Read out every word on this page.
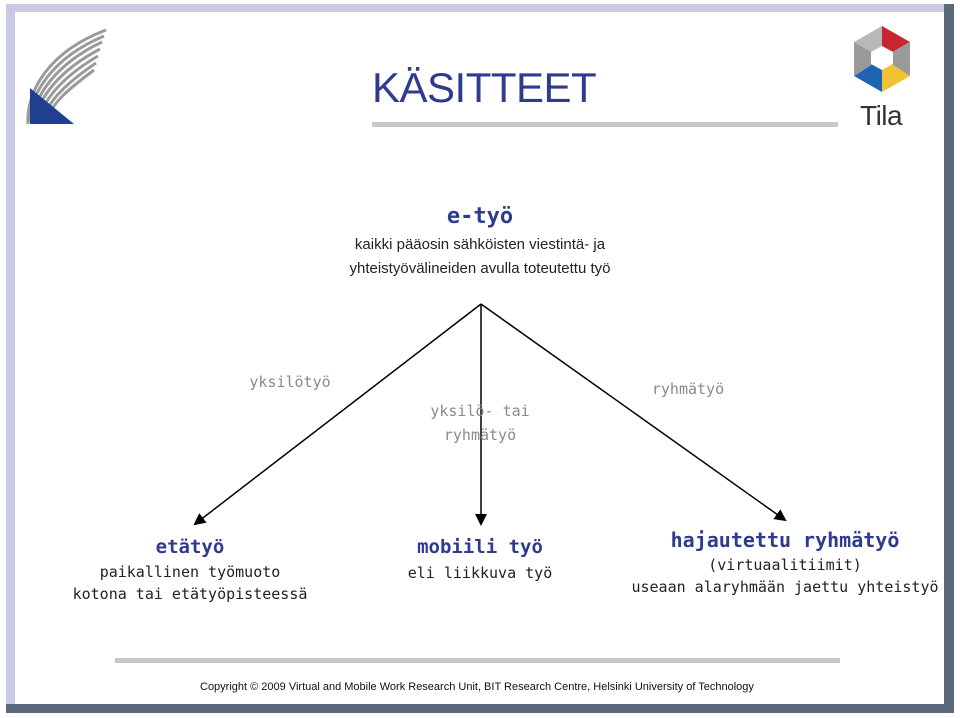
Tila
KÄSITTEET
e-työ
kaikki pääosin sähköisten viestintä- ja
yhteistyövälineiden avulla toteutettu työ
yksilötyö
yksilö- tai
ryhmätyö
ryhmätyö
etätyö
paikallinen työmuoto
kotona tai etätyöpisteessä
mobiili työ
eli liikkuva työ
hajautettu ryhmätyö
(virtuaalitiimit)
useaan alaryhmään jaettu yhteistyö
Copyright © 2009 Virtual and Mobile Work Research Unit, BIT Research Centre, Helsinki University of Technology
